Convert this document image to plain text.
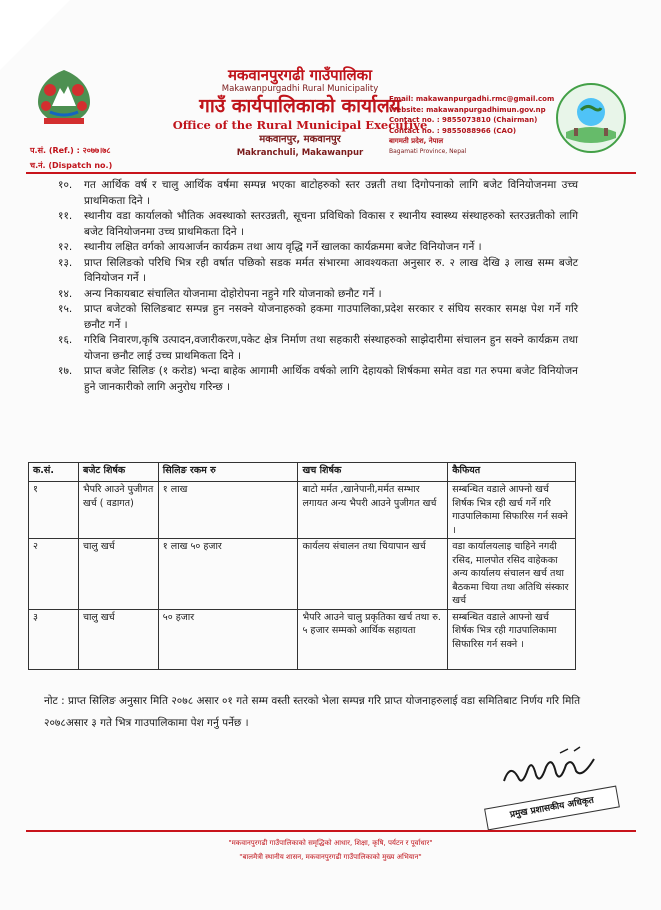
मकवानपुरगढी गाउँपालिका
Makawanpurgadhi Rural Municipality
गाउँ कार्यपालिकाको कार्यालय
Office of the Rural Municipal Executive
मकवानपुर, मकवानपुर
Makranchuli, Makawanpur
Email: makawanpurgadhi.rmc@gmail.com
Website: makawanpurgadhimun.gov.np
Contact no. : 9855073810 (Chairman)
Contact no. : 9855088966 (CAO)
बागमती प्रदेश, नेपाल
Bagamati Province, Nepal
प.सं. (Ref.) : २०७७।७८
च.नं. (Dispatch no.)
१०.	गत आर्थिक वर्ष र चालु आर्थिक वर्षमा सम्पन्न भएका बाटोहरुको स्तर उन्नती तथा दिगोपनाको लागि बजेट विनियोजनमा उच्च प्राथमिकता दिने ।
११.	स्थानीय वडा कार्यालको भौतिक अवस्थाको स्तरउन्नती, सूचना प्रविधिको विकास र स्थानीय स्वास्थ्य संस्थाहरुको स्तरउन्नतीको लागि बजेट विनियोजनमा उच्च प्राथमिकता दिने ।
१२.	स्थानीय लक्षित वर्गको आयआर्जन कार्यक्रम तथा आय वृद्धि गर्ने खालका कार्यक्रममा बजेट विनियोजन गर्ने ।
१३.	प्राप्त सिलिङको परिधि भित्र रही वर्षात पछिको सडक मर्मत संभारमा आवश्यकता अनुसार रु. २ लाख देखि ३ लाख सम्म बजेट विनियोजन गर्ने ।
१४.	अन्य निकायबाट संचालित योजनामा दोहोरोपना नहुने गरि योजनाको छनौट गर्ने ।
१५.	प्राप्त बजेटको सिलिङबाट सम्पन्न हुन नसक्ने योजनाहरुको हकमा गाउपालिका,प्रदेश सरकार र संघिय सरकार समक्ष पेश गर्ने गरि छनौट गर्ने ।
१६.	गरिबि निवारण,कृषि उत्पादन,वजारीकरण,पकेट क्षेत्र निर्माण तथा सहकारी संस्थाहरुको साझेदारीमा संचालन हुन सक्ने कार्यक्रम तथा योजना छनौट लाई उच्च प्राथमिकता दिने ।
१७.	प्राप्त बजेट सिलिङ (१ करोड) भन्दा बाहेक आगामी आर्थिक वर्षको लागि देहायको शिर्षकमा समेत वडा गत रुपमा बजेट विनियोजन हुने जानकारीको लागि अनुरोध गरिन्छ ।
क.सं.	बजेट शिर्षक	सिलिङ रकम रु	खच शिर्षक	कैफियत
१	भैपरि आउने पुजीगत खर्च ( वडागत)	१ लाख	बाटो मर्मत ,खानेपानी,मर्मत सम्भार लगायत अन्य भैपरी आउने पुजीगत खर्च	सम्बन्धित वडाले आफ्नो खर्च शिर्षक भित्र रही खर्च गर्ने गरि गाउपालिकामा सिफारिस गर्न सक्ने ।
२	चालु खर्च	१ लाख ५० हजार	कार्यलय संचालन तथा चियापान खर्च	वडा कार्यालयलाइ चाहिने नगदी रसिद, मालपोत रसिद वाहेकका अन्य कार्यालय संचालन खर्च तथा बैठकमा चिया तथा अतिथि संस्कार खर्च
३	चालु खर्च	५० हजार	भैपरि आउने चालु प्रकृतिका खर्च तथा रु. ५ हजार सम्मको आर्थिक सहायता	सम्बन्धित वडाले आफ्नो खर्च शिर्षक भित्र रही गाउपालिकामा सिफारिस गर्न सक्ने ।
नोट : प्राप्त सिलिङ अनुसार मिति २०७८ असार ०१ गते सम्म वस्ती स्तरको भेला सम्पन्न गरि प्राप्त योजनाहरुलाई वडा समितिबाट निर्णय गरि मिति २०७८असार ३ गते भित्र गाउपालिकामा पेश गर्नु पर्नेछ ।
प्रमुख प्रशासकीय अधिकृत
"मकवानपुरगढी गाउँपालिकाको समृद्धिको आधार, शिक्षा, कृषि, पर्यटन र पूर्वाधार"
"बालमैत्री स्थानीय शासन, मकवानपुरगढी गाउँपालिकाको मुख्य अभियान"
